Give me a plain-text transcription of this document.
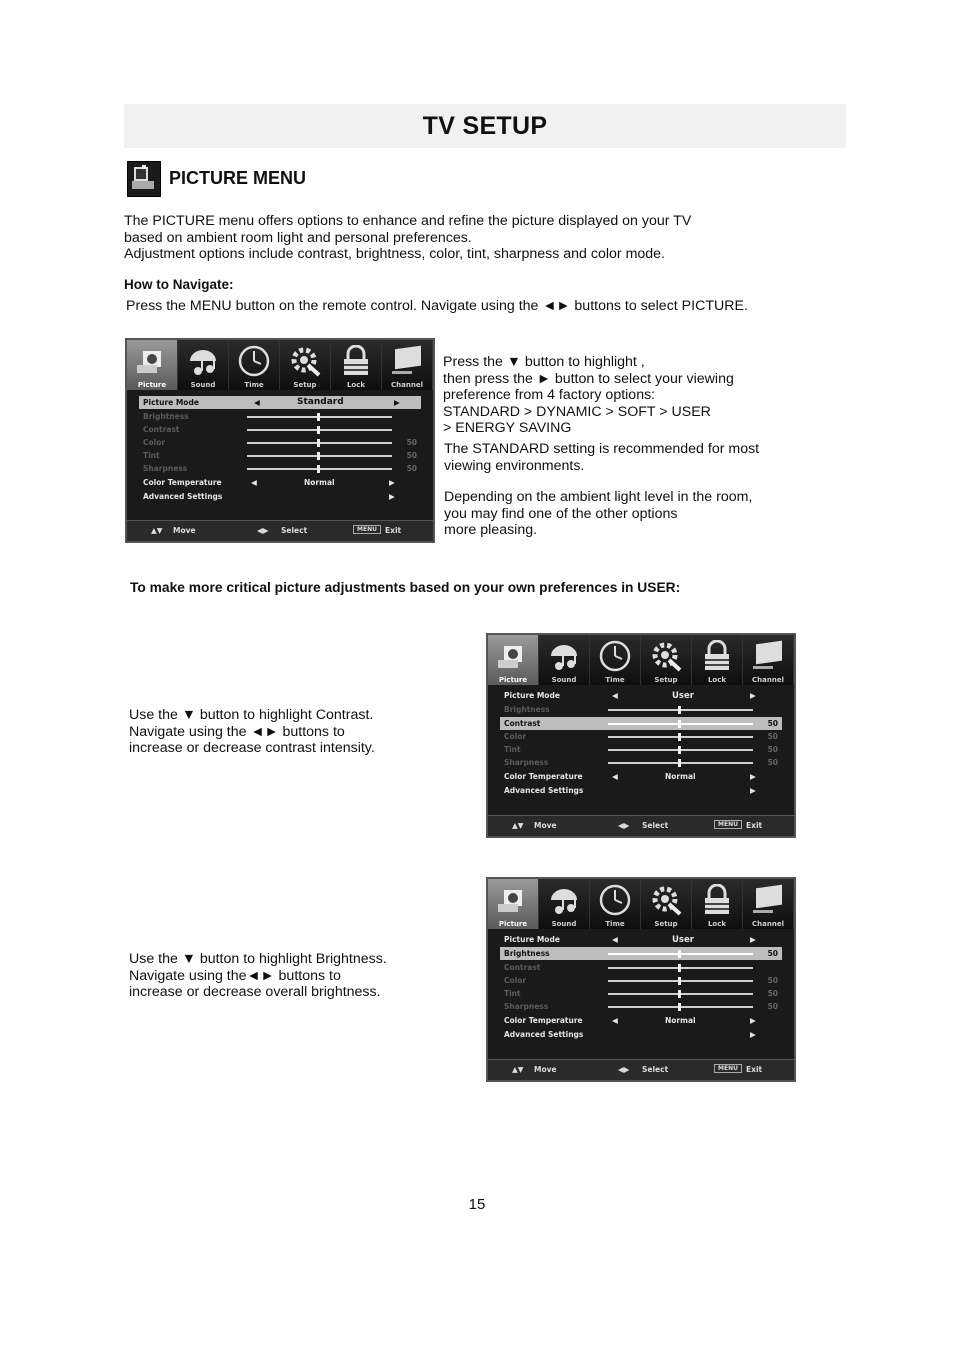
TV SETUP
PICTURE MENU
The PICTURE menu offers options to enhance and refine the picture displayed on your TV
based on ambient room light and personal preferences.
Adjustment options include contrast, brightness, color, tint, sharpness and color mode.
How to Navigate:
Press the MENU button on the remote control. Navigate using the ◄► buttons to select PICTURE.
Picture	Sound	Time	Setup	Lock	Channel
Picture Mode	◀	Standard	▶
Brightness
Contrast
Color	50
Tint	50
Sharpness	50
Color Temperature	◀	Normal	▶
Advanced Settings	▶
▲▼ Move	◀▶ Select	MENU	Exit
Press the ▼ button to highlight ,
then press the ► button to select your viewing
preference from 4 factory options:
STANDARD > DYNAMIC > SOFT > USER
> ENERGY SAVING
The STANDARD setting is recommended for most
viewing environments.
Depending on the ambient light level in the room,
you may find one of the other options
more pleasing.
To make more critical picture adjustments based on your own preferences in USER:
Use the ▼ button to highlight Contrast.
Navigate using the ◄► buttons to
increase or decrease contrast intensity.
Picture	Sound	Time	Setup	Lock	Channel
Picture Mode	◀	User	▶
Brightness
Contrast	50
Color	50
Tint	50
Sharpness	50
Color Temperature	◀	Normal	▶
Advanced Settings	▶
▲▼ Move	◀▶ Select	MENU	Exit
Use the ▼ button to highlight Brightness.
Navigate using the◄► buttons to
increase or decrease overall brightness.
Picture	Sound	Time	Setup	Lock	Channel
Picture Mode	◀	User	▶
Brightness	50
Contrast
Color	50
Tint	50
Sharpness	50
Color Temperature	◀	Normal	▶
Advanced Settings	▶
▲▼ Move	◀▶ Select	MENU	Exit
15
